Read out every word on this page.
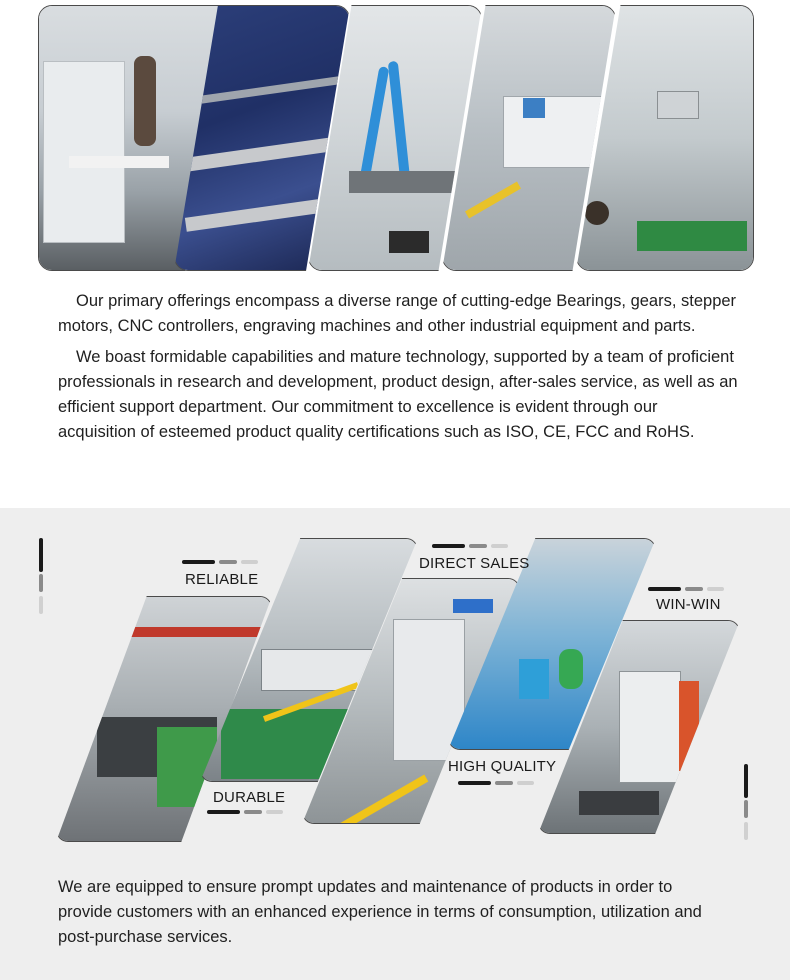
Our primary offerings encompass a diverse range of cutting-edge Bearings, gears, stepper motors, CNC controllers, engraving machines and other industrial equipment and parts.

We boast formidable capabilities and mature technology, supported by a team of proficient professionals in research and development, product design, after-sales service, as well as an efficient support department. Our commitment to excellence is evident through our acquisition of esteemed product quality certifications such as ISO, CE, FCC and RoHS.

RELIABLE
DIRECT SALES
WIN-WIN
DURABLE
HIGH QUALITY
We are equipped to ensure prompt updates and maintenance of products in order to provide customers with an enhanced experience in terms of consumption, utilization and post-purchase services.
